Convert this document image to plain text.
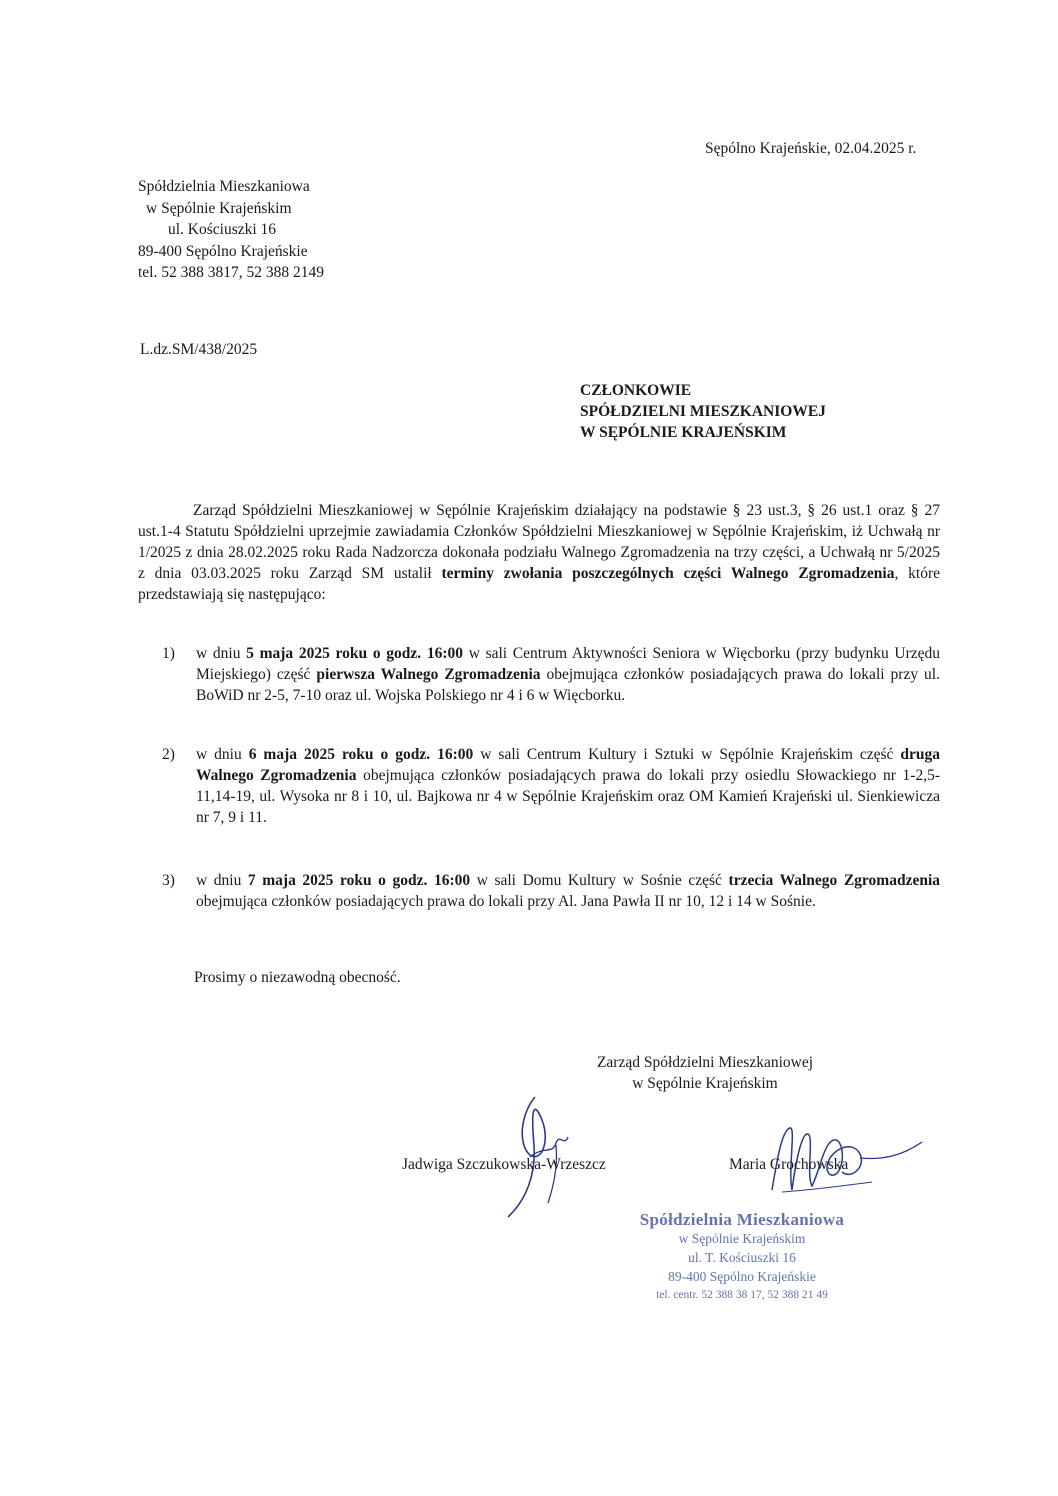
Sępólno Krajeńskie, 02.04.2025 r.
Spółdzielnia Mieszkaniowa
w Sępólnie Krajeńskim
ul. Kościuszki 16
89-400 Sępólno Krajeńskie
tel. 52 388 3817, 52 388 2149
L.dz.SM/438/2025
CZŁONKOWIE
SPÓŁDZIELNI MIESZKANIOWEJ
W SĘPÓLNIE KRAJEŃSKIM
Zarząd Spółdzielni Mieszkaniowej w Sępólnie Krajeńskim działający na podstawie § 23 ust.3, § 26 ust.1 oraz § 27 ust.1-4 Statutu Spółdzielni uprzejmie zawiadamia Członków Spółdzielni Mieszkaniowej w Sępólnie Krajeńskim, iż Uchwałą nr 1/2025 z dnia 28.02.2025 roku Rada Nadzorcza dokonała podziału Walnego Zgromadzenia na trzy części, a Uchwałą nr 5/2025 z dnia 03.03.2025 roku Zarząd SM ustalił terminy zwołania poszczególnych części Walnego Zgromadzenia, które przedstawiają się następująco:
1) w dniu 5 maja 2025 roku o godz. 16:00 w sali Centrum Aktywności Seniora w Więcborku (przy budynku Urzędu Miejskiego) część pierwsza Walnego Zgromadzenia obejmująca członków posiadających prawa do lokali przy ul. BoWiD nr 2-5, 7-10 oraz ul. Wojska Polskiego nr 4 i 6 w Więcborku.
2) w dniu 6 maja 2025 roku o godz. 16:00 w sali Centrum Kultury i Sztuki w Sępólnie Krajeńskim część druga Walnego Zgromadzenia obejmująca członków posiadających prawa do lokali przy osiedlu Słowackiego nr 1-2,5-11,14-19, ul. Wysoka nr 8 i 10, ul. Bajkowa nr 4 w Sępólnie Krajeńskim oraz OM Kamień Krajeński ul. Sienkiewicza nr 7, 9 i 11.
3) w dniu 7 maja 2025 roku o godz. 16:00 w sali Domu Kultury w Sośnie część trzecia Walnego Zgromadzenia obejmująca członków posiadających prawa do lokali przy Al. Jana Pawła II nr 10, 12 i 14 w Sośnie.
Prosimy o niezawodną obecność.
Zarząd Spółdzielni Mieszkaniowej
w Sępólnie Krajeńskim
Jadwiga Szczukowska-Wrzeszcz	Maria Grochowska
Spółdzielnia Mieszkaniowa
w Sępólnie Krajeńskim
ul. T. Kościuszki 16
89-400 Sępólno Krajeńskie
tel. centr. 52 388 38 17, 52 388 21 49
